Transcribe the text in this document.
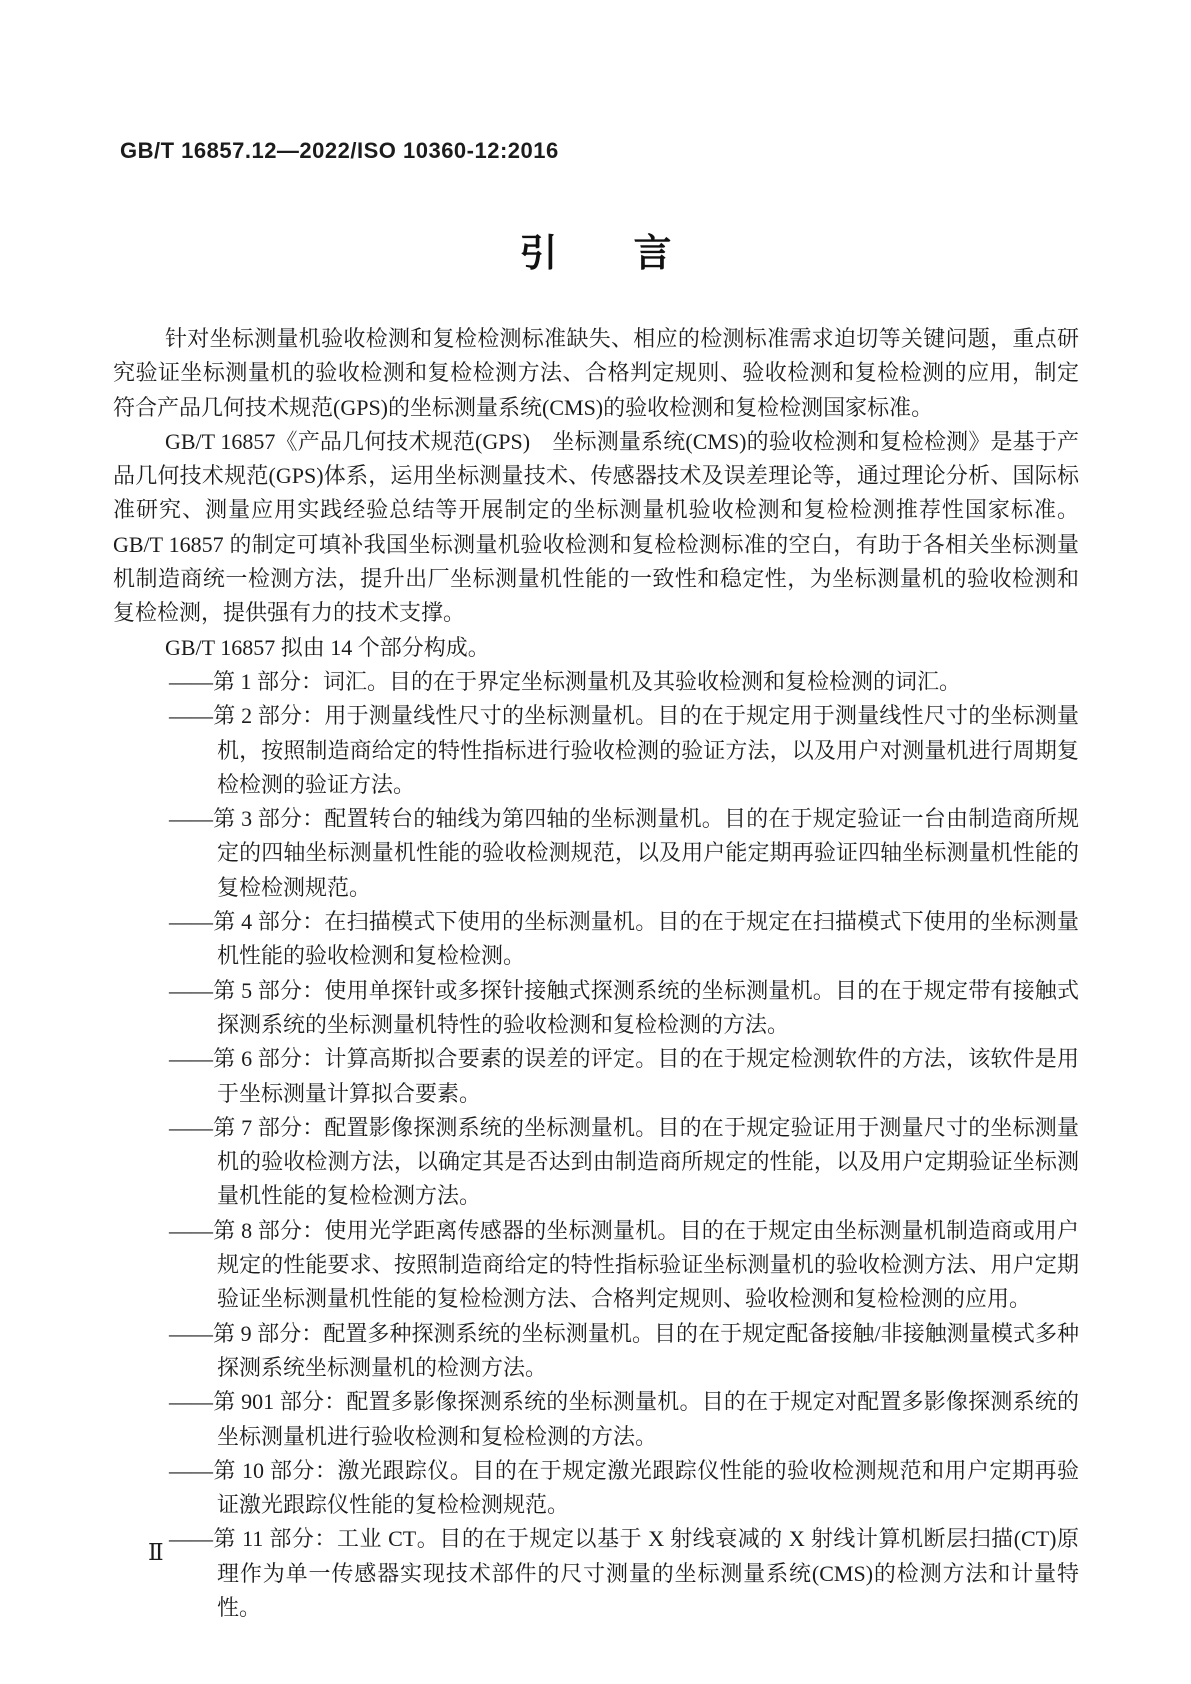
GB/T 16857.12—2022/ISO 10360-12:2016
引　　言

针对坐标测量机验收检测和复检检测标准缺失、相应的检测标准需求迫切等关键问题，重点研究验证坐标测量机的验收检测和复检检测方法、合格判定规则、验收检测和复检检测的应用，制定符合产品几何技术规范(GPS)的坐标测量系统(CMS)的验收检测和复检检测国家标准。

GB/T 16857《产品几何技术规范(GPS)　坐标测量系统(CMS)的验收检测和复检检测》是基于产品几何技术规范(GPS)体系，运用坐标测量技术、传感器技术及误差理论等，通过理论分析、国际标准研究、测量应用实践经验总结等开展制定的坐标测量机验收检测和复检检测推荐性国家标准。GB/T 16857 的制定可填补我国坐标测量机验收检测和复检检测标准的空白，有助于各相关坐标测量机制造商统一检测方法，提升出厂坐标测量机性能的一致性和稳定性，为坐标测量机的验收检测和复检检测，提供强有力的技术支撑。

GB/T 16857 拟由 14 个部分构成。

——第 1 部分：词汇。目的在于界定坐标测量机及其验收检测和复检检测的词汇。

——第 2 部分：用于测量线性尺寸的坐标测量机。目的在于规定用于测量线性尺寸的坐标测量机，按照制造商给定的特性指标进行验收检测的验证方法，以及用户对测量机进行周期复检检测的验证方法。

——第 3 部分：配置转台的轴线为第四轴的坐标测量机。目的在于规定验证一台由制造商所规定的四轴坐标测量机性能的验收检测规范，以及用户能定期再验证四轴坐标测量机性能的复检检测规范。

——第 4 部分：在扫描模式下使用的坐标测量机。目的在于规定在扫描模式下使用的坐标测量机性能的验收检测和复检检测。

——第 5 部分：使用单探针或多探针接触式探测系统的坐标测量机。目的在于规定带有接触式探测系统的坐标测量机特性的验收检测和复检检测的方法。

——第 6 部分：计算高斯拟合要素的误差的评定。目的在于规定检测软件的方法，该软件是用于坐标测量计算拟合要素。

——第 7 部分：配置影像探测系统的坐标测量机。目的在于规定验证用于测量尺寸的坐标测量机的验收检测方法，以确定其是否达到由制造商所规定的性能，以及用户定期验证坐标测量机性能的复检检测方法。

——第 8 部分：使用光学距离传感器的坐标测量机。目的在于规定由坐标测量机制造商或用户规定的性能要求、按照制造商给定的特性指标验证坐标测量机的验收检测方法、用户定期验证坐标测量机性能的复检检测方法、合格判定规则、验收检测和复检检测的应用。

——第 9 部分：配置多种探测系统的坐标测量机。目的在于规定配备接触/非接触测量模式多种探测系统坐标测量机的检测方法。

——第 901 部分：配置多影像探测系统的坐标测量机。目的在于规定对配置多影像探测系统的坐标测量机进行验收检测和复检检测的方法。

——第 10 部分：激光跟踪仪。目的在于规定激光跟踪仪性能的验收检测规范和用户定期再验证激光跟踪仪性能的复检检测规范。

——第 11 部分：工业 CT。目的在于规定以基于 X 射线衰减的 X 射线计算机断层扫描(CT)原理作为单一传感器实现技术部件的尺寸测量的坐标测量系统(CMS)的检测方法和计量特性。

Ⅱ
